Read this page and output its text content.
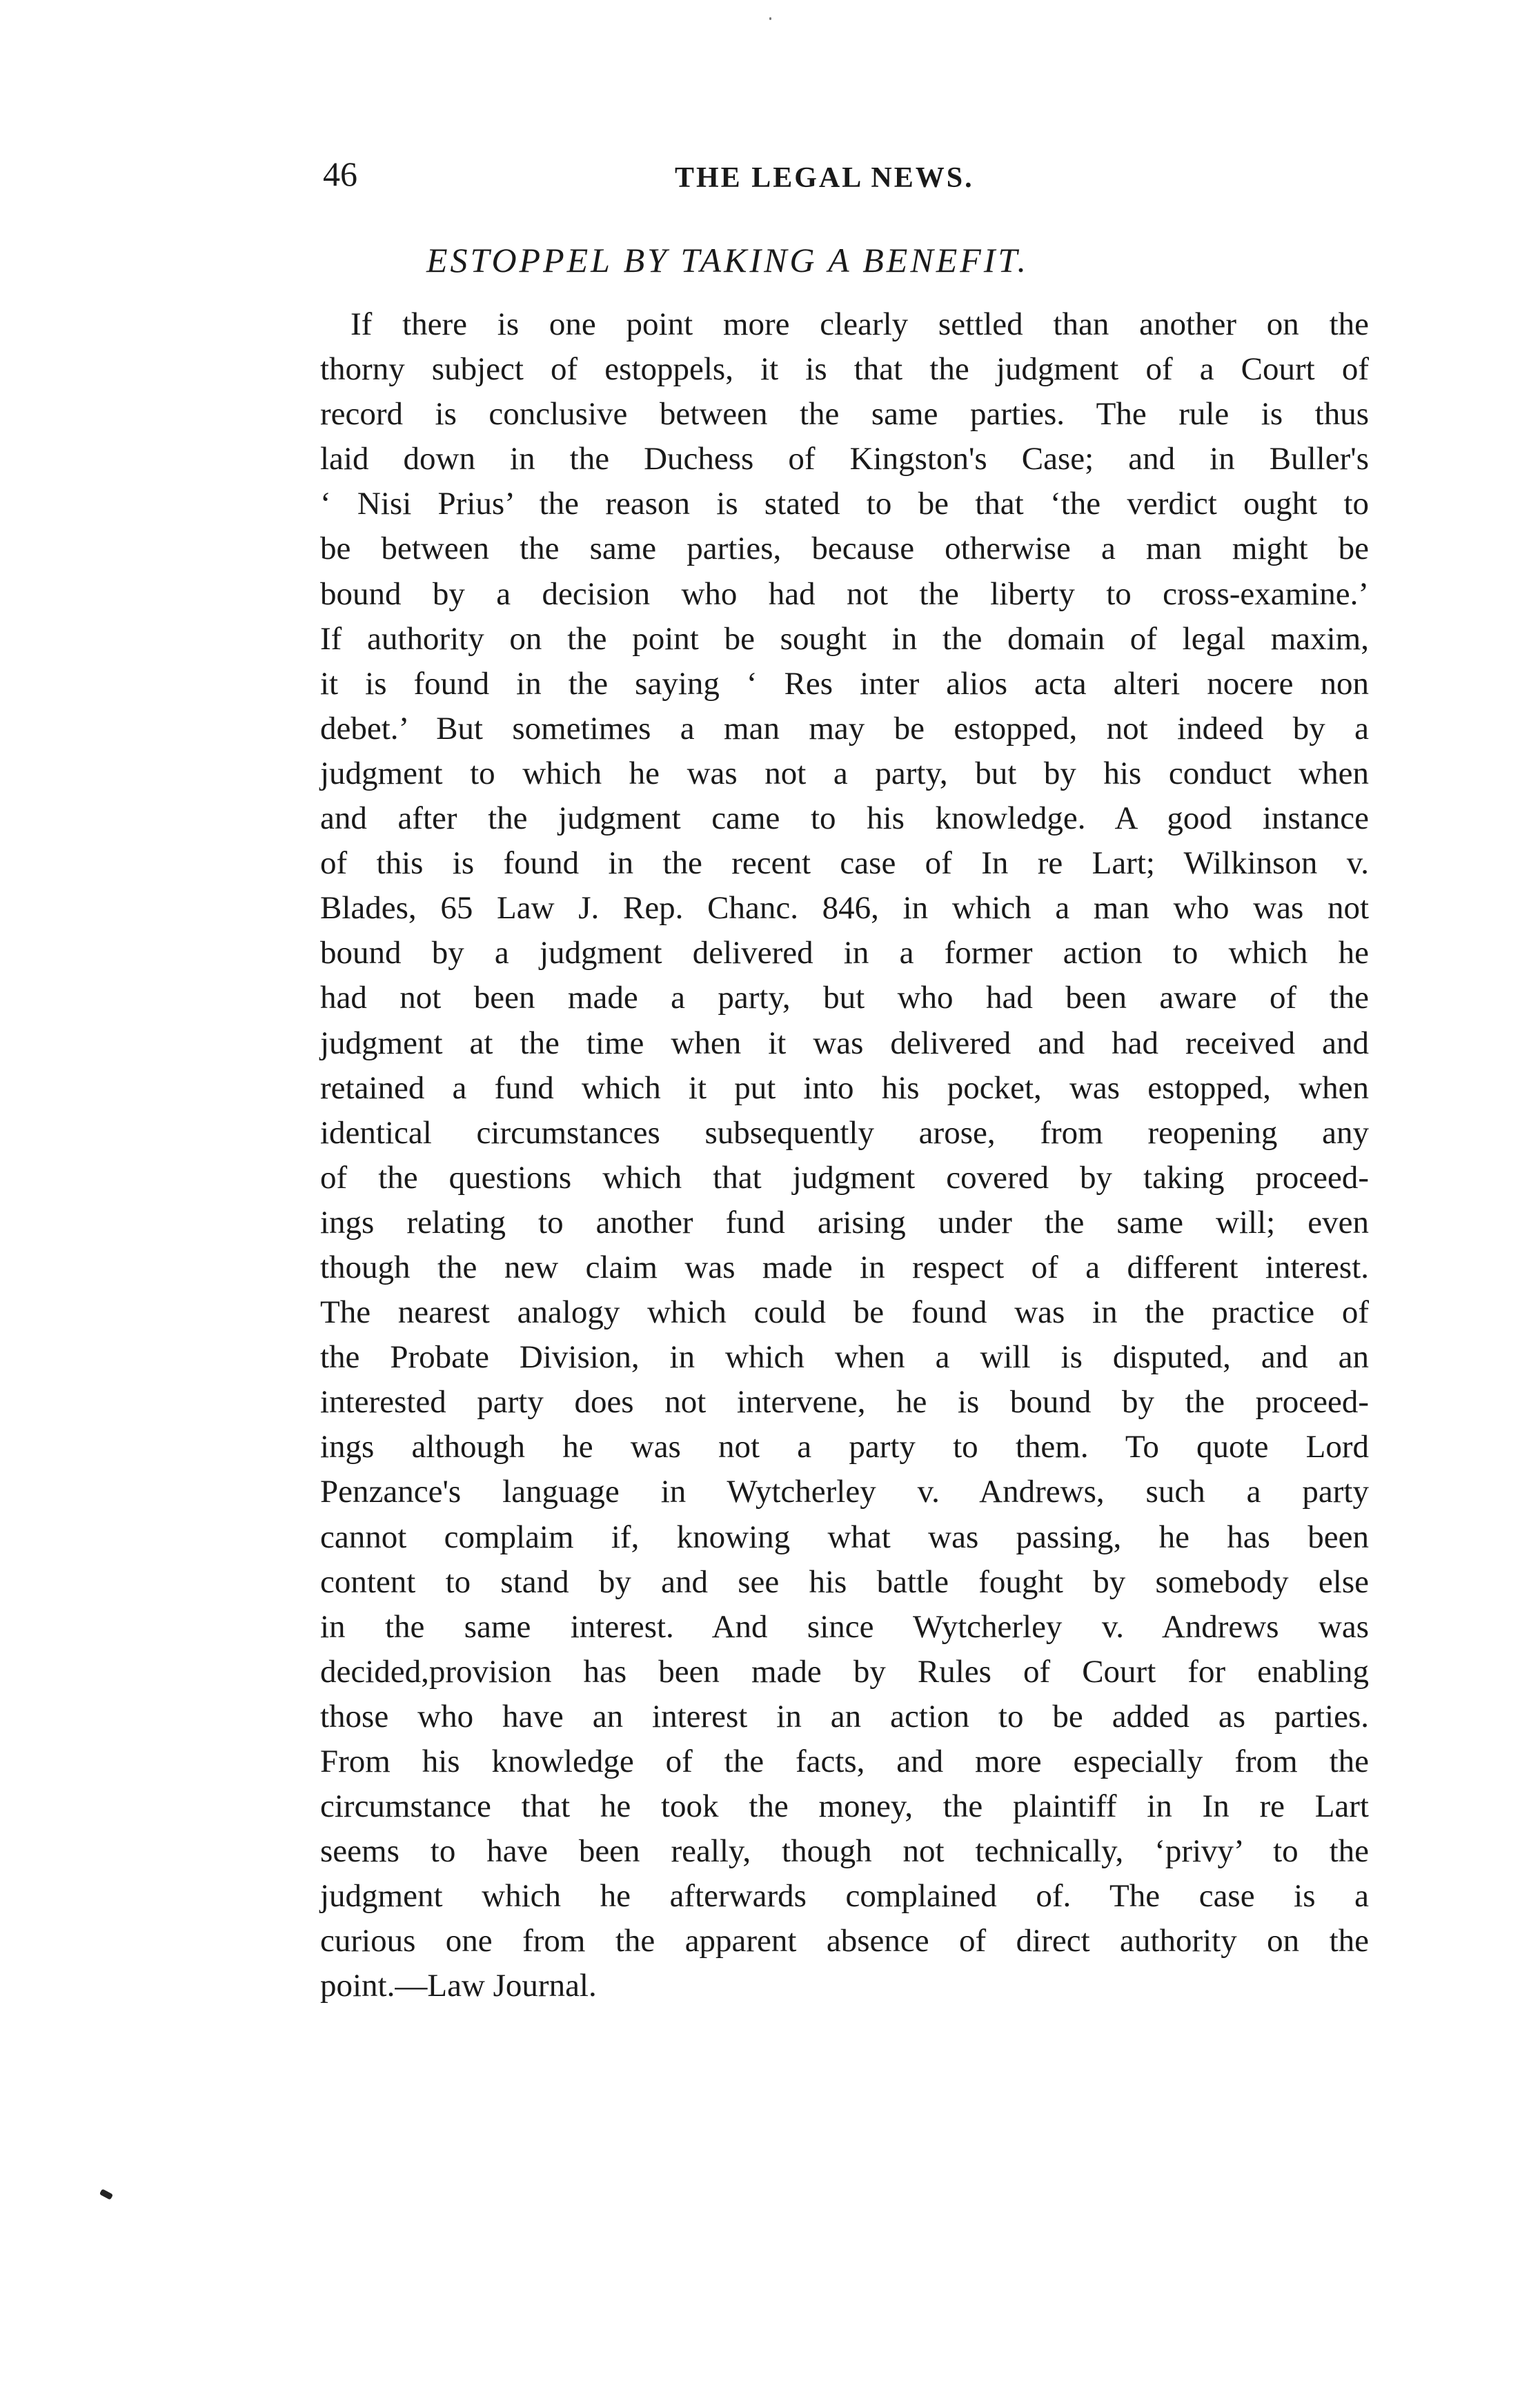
46	THE LEGAL NEWS.
ESTOPPEL BY TAKING A BENEFIT.
If there is one point more clearly settled than another on the
thorny subject of estoppels, it is that the judgment of a Court of
record is conclusive between the same parties. The rule is thus
laid down in the Duchess of Kingston's Case; and in Buller's
‘ Nisi Prius’ the reason is stated to be that ‘the verdict ought to
be between the same parties, because otherwise a man might be
bound by a decision who had not the liberty to cross-examine.’
If authority on the point be sought in the domain of legal maxim,
it is found in the saying ‘ Res inter alios acta alteri nocere non
debet.’ But sometimes a man may be estopped, not indeed by a
judgment to which he was not a party, but by his conduct when
and after the judgment came to his knowledge. A good instance
of this is found in the recent case of In re Lart; Wilkinson v.
Blades, 65 Law J. Rep. Chanc. 846, in which a man who was not
bound by a judgment delivered in a former action to which he
had not been made a party, but who had been aware of the
judgment at the time when it was delivered and had received and
retained a fund which it put into his pocket, was estopped, when
identical circumstances subsequently arose, from reopening any
of the questions which that judgment covered by taking proceed-
ings relating to another fund arising under the same will; even
though the new claim was made in respect of a different interest.
The nearest analogy which could be found was in the practice of
the Probate Division, in which when a will is disputed, and an
interested party does not intervene, he is bound by the proceed-
ings although he was not a party to them. To quote Lord
Penzance's language in Wytcherley v. Andrews, such a party
cannot complaim if, knowing what was passing, he has been
content to stand by and see his battle fought by somebody else
in the same interest. And since Wytcherley v. Andrews was
decided,provision has been made by Rules of Court for enabling
those who have an interest in an action to be added as parties.
From his knowledge of the facts, and more especially from the
circumstance that he took the money, the plaintiff in In re Lart
seems to have been really, though not technically, ‘privy’ to the
judgment which he afterwards complained of. The case is a
curious one from the apparent absence of direct authority on the
point.—Law Journal.
